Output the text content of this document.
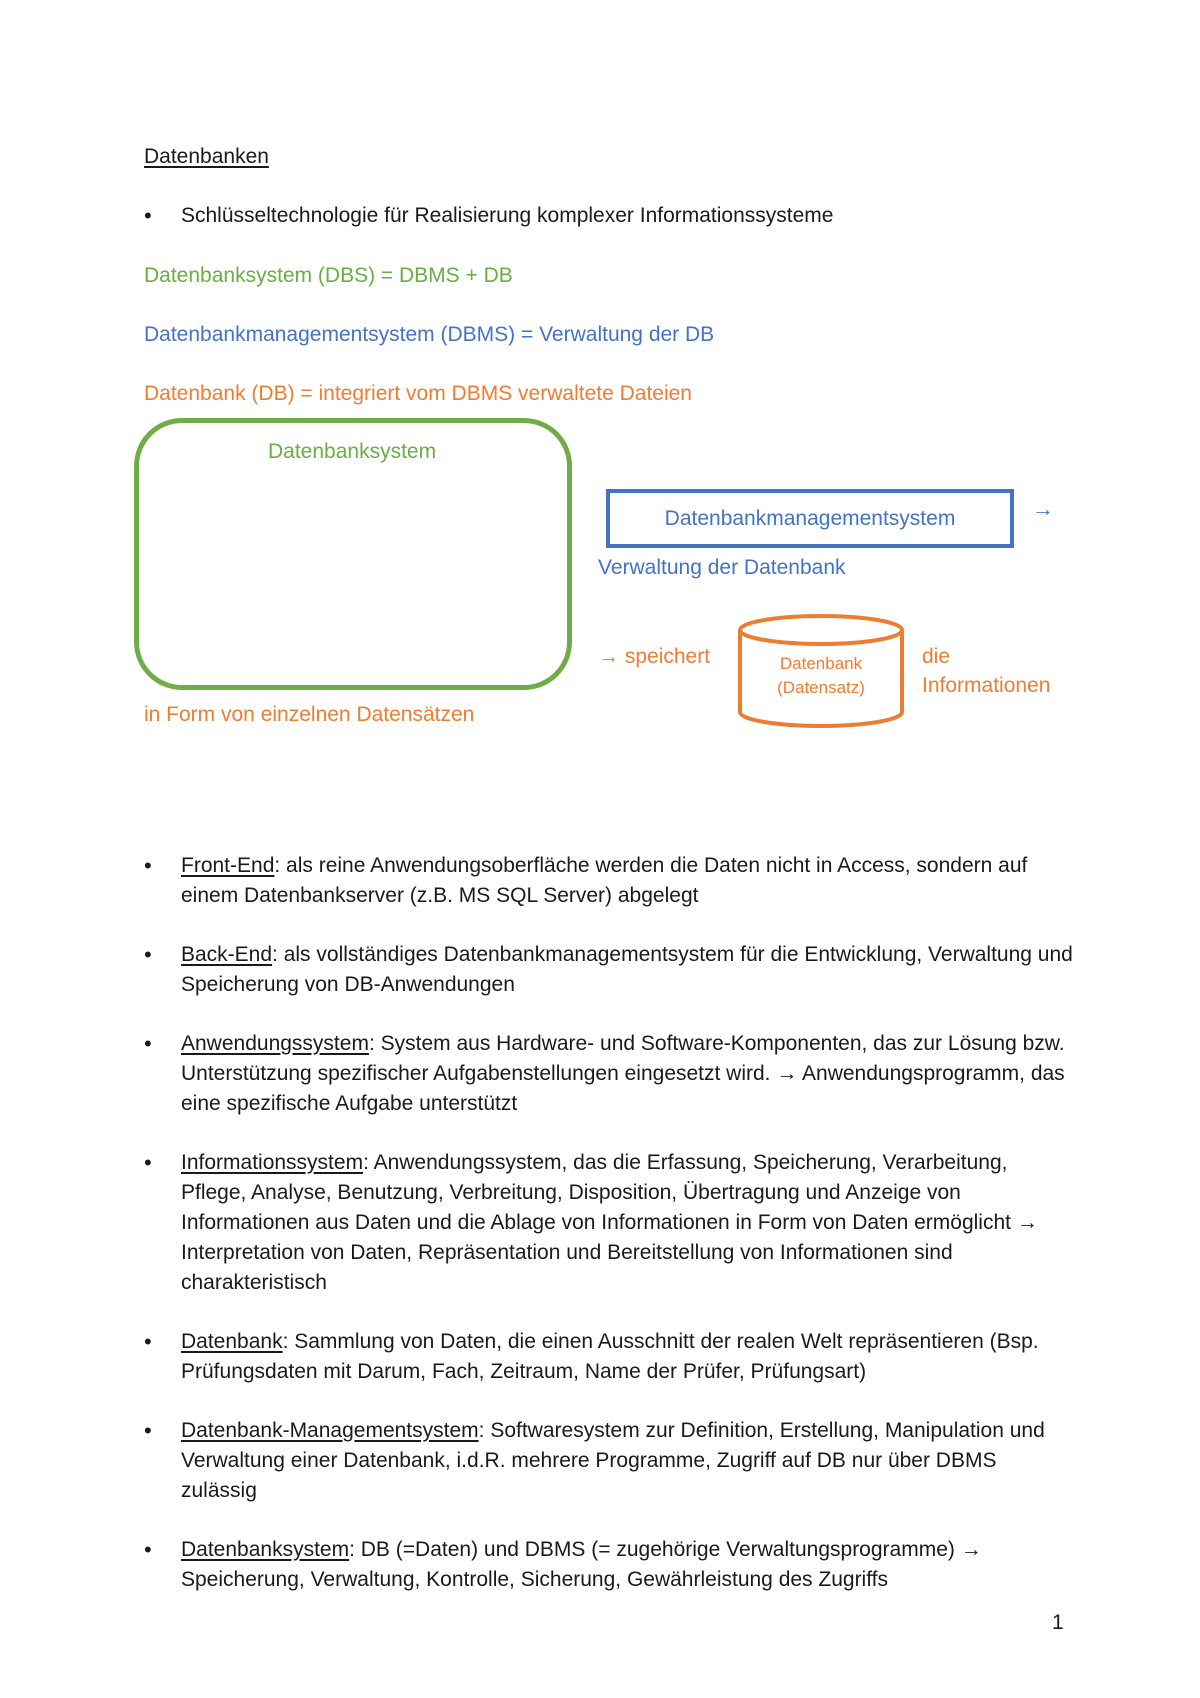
Datenbanken
• Schlüsseltechnologie für Realisierung komplexer Informationssysteme
Datenbanksystem (DBS) = DBMS + DB
Datenbankmanagementsystem (DBMS) = Verwaltung der DB
Datenbank (DB) = integriert vom DBMS verwaltete Dateien
Datenbanksystem
in Form von einzelnen Datensätzen
Datenbankmanagementsystem	→
Verwaltung der Datenbank
→ speichert	Datenbank
(Datensatz)
die
Informationen
• Front-End: als reine Anwendungsoberfläche werden die Daten nicht in Access, sondern auf einem Datenbankserver (z.B. MS SQL Server) abgelegt
• Back-End: als vollständiges Datenbankmanagementsystem für die Entwicklung, Verwaltung und Speicherung von DB-Anwendungen
• Anwendungssystem: System aus Hardware- und Software-Komponenten, das zur Lösung bzw. Unterstützung spezifischer Aufgabenstellungen eingesetzt wird. → Anwendungsprogramm, das eine spezifische Aufgabe unterstützt
• Informationssystem: Anwendungssystem, das die Erfassung, Speicherung, Verarbeitung, Pflege, Analyse, Benutzung, Verbreitung, Disposition, Übertragung und Anzeige von Informationen aus Daten und die Ablage von Informationen in Form von Daten ermöglicht → Interpretation von Daten, Repräsentation und Bereitstellung von Informationen sind charakteristisch
• Datenbank: Sammlung von Daten, die einen Ausschnitt der realen Welt repräsentieren (Bsp. Prüfungsdaten mit Darum, Fach, Zeitraum, Name der Prüfer, Prüfungsart)
• Datenbank-Managementsystem: Softwaresystem zur Definition, Erstellung, Manipulation und Verwaltung einer Datenbank, i.d.R. mehrere Programme, Zugriff auf DB nur über DBMS zulässig
• Datenbanksystem: DB (=Daten) und DBMS (= zugehörige Verwaltungsprogramme) → Speicherung, Verwaltung, Kontrolle, Sicherung, Gewährleistung des Zugriffs
1
